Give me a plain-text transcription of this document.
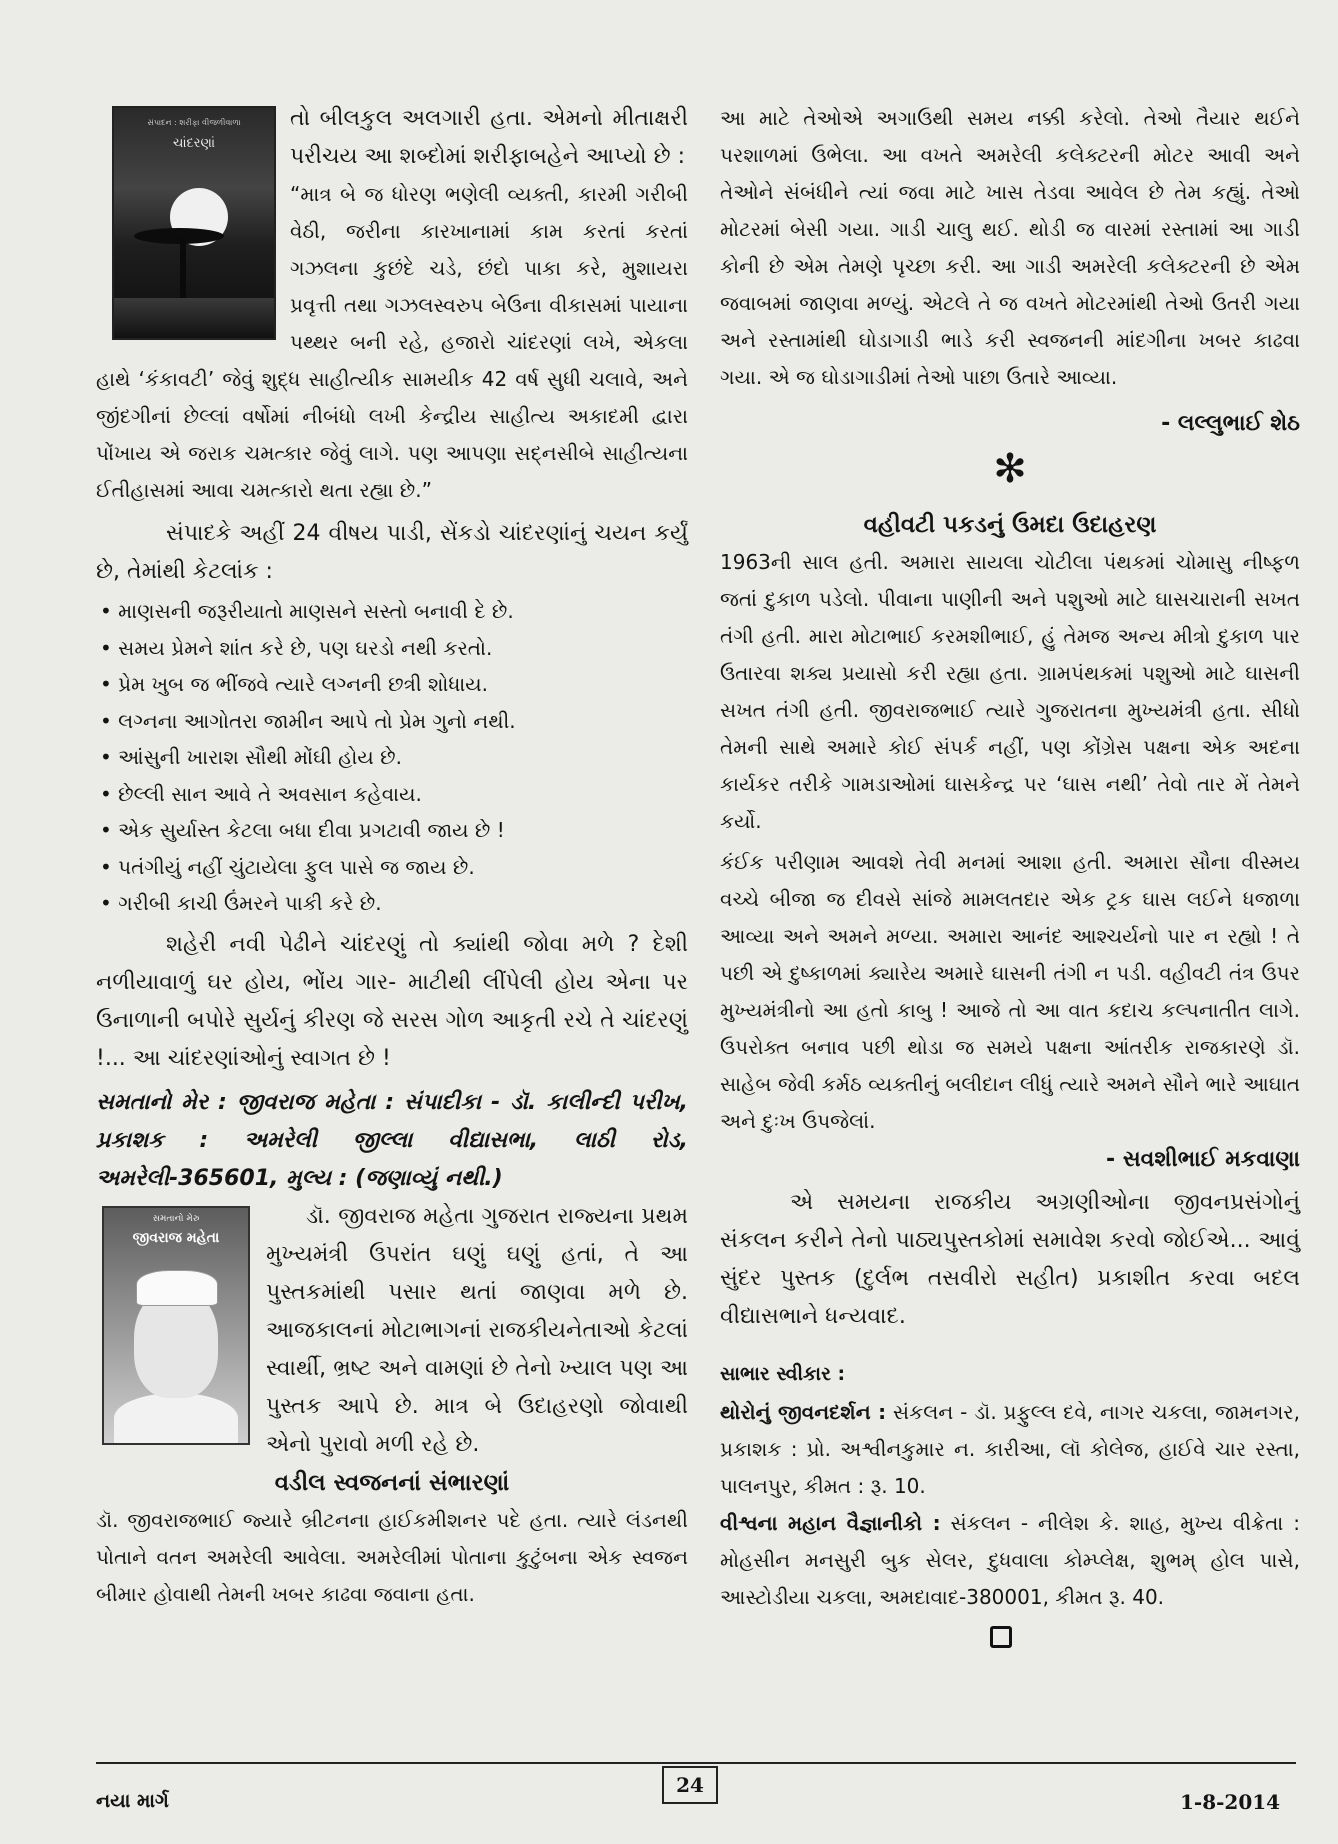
સંપાદન : શરીફા વીજળીવાળા
ચાંદરણાં

તો બીલકુલ અલગારી હતા. એમનો મીતાક્ષરી પરીચય આ શબ્દોમાં શરીફાબહેને આપ્યો છે :

“માત્ર બે જ ધોરણ ભણેલી વ્યક્તી, કારમી ગરીબી વેઠી, જરીના કારખાનામાં કામ કરતાં કરતાં ગઝલના કુછંદે ચડે, છંદો પાકા કરે, મુશાયરા પ્રવૃત્તી તથા ગઝલસ્વરુપ બેઉના વીકાસમાં પાયાના પથ્થર બની રહે, હજારો ચાંદરણાં લખે, એકલા હાથે ‘કંકાવટી’ જેવું શુદ્ધ સાહીત્યીક સામયીક 42 વર્ષ સુધી ચલાવે, અને જીંદગીનાં છેલ્લાં વર્ષોમાં નીબંધો લખી કેન્દ્રીય સાહીત્ય અકાદમી દ્વારા પોંખાય એ જરાક ચમત્કાર જેવું લાગે. પણ આપણા સદ્‌નસીબે સાહીત્યના ઈતીહાસમાં આવા ચમત્કારો થતા રહ્યા છે.”

સંપાદકે અહીં 24 વીષય પાડી, સેંકડો ચાંદરણાંનું ચયન કર્યું છે, તેમાંથી કેટલાંક :

• માણસની જરૂરીયાતો માણસને સસ્તો બનાવી દે છે.
• સમય પ્રેમને શાંત કરે છે, પણ ઘરડો નથી કરતો.
• પ્રેમ ખુબ જ ભીંજવે ત્યારે લગ્નની છત્રી શોધાય.
• લગ્નના આગોતરા જામીન આપે તો પ્રેમ ગુનો નથી.
• આંસુની ખારાશ સૌથી મોંઘી હોય છે.
• છેલ્લી સાન આવે તે અવસાન કહેવાય.
• એક સુર્યાસ્ત કેટલા બધા દીવા પ્રગટાવી જાય છે !
• પતંગીયું નહીં ચુંટાયેલા ફુલ પાસે જ જાય છે.
• ગરીબી કાચી ઉંમરને પાકી કરે છે.

શહેરી નવી પેઢીને ચાંદરણું તો ક્યાંથી જોવા મળે ? દેશી નળીયાવાળું ઘર હોય, ભોંય ગાર- માટીથી લીંપેલી હોય એના પર ઉનાળાની બપોરે સુર્યનું કીરણ જે સરસ ગોળ આકૃતી રચે તે ચાંદરણું !... આ ચાંદરણાંઓનું સ્વાગત છે !

સમતાનો મેર : જીવરાજ મહેતા : સંપાદીકા - ડૉ. કાલીન્દી પરીખ, પ્રકાશક : અમરેલી જીલ્લા વીદ્યાસભા, લાઠી રોડ, અમરેલી-365601, મુલ્ય : (જણાવ્યું નથી.)

સમતાનો મેરુ
જીવરાજ મહેતા

ડૉ. જીવરાજ મહેતા ગુજરાત રાજ્યના પ્રથમ મુખ્યમંત્રી ઉપરાંત ઘણું ઘણું હતાં, તે આ પુસ્તકમાંથી પસાર થતાં જાણવા મળે છે. આજકાલનાં મોટાભાગનાં રાજકીયનેતાઓ કેટલાં સ્વાર્થી, ભ્રષ્ટ અને વામણાં છે તેનો ખ્યાલ પણ આ પુસ્તક આપે છે. માત્ર બે ઉદાહરણો જોવાથી એનો પુરાવો મળી રહે છે.

વડીલ સ્વજનનાં સંભારણાં

ડૉ. જીવરાજભાઈ જ્યારે બ્રીટનના હાઈકમીશનર પદે હતા. ત્યારે લંડનથી પોતાને વતન અમરેલી આવેલા. અમરેલીમાં પોતાના કુટુંબના એક સ્વજન બીમાર હોવાથી તેમની ખબર કાઢવા જવાના હતા.

આ માટે તેઓએ અગાઉથી સમય નક્કી કરેલો. તેઓ તૈયાર થઈને પરશાળમાં ઉભેલા. આ વખતે અમરેલી કલેક્ટરની મોટર આવી અને તેઓને સંબંધીને ત્યાં જવા માટે ખાસ તેડવા આવેલ છે તેમ કહ્યું. તેઓ મોટરમાં બેસી ગયા. ગાડી ચાલુ થઈ. થોડી જ વારમાં રસ્તામાં આ ગાડી કોની છે એમ તેમણે પૃચ્છા કરી. આ ગાડી અમરેલી કલેક્ટરની છે એમ જવાબમાં જાણવા મળ્યું. એટલે તે જ વખતે મોટરમાંથી તેઓ ઉતરી ગયા અને રસ્તામાંથી ઘોડાગાડી ભાડે કરી સ્વજનની માંદગીના ખબર કાઢવા ગયા. એ જ ઘોડાગાડીમાં તેઓ પાછા ઉતારે આવ્યા.

- લલ્લુભાઈ શેઠ

✻

વહીવટી પકડનું ઉમદા ઉદાહરણ

1963ની સાલ હતી. અમારા સાયલા ચોટીલા પંથકમાં ચોમાસુ નીષ્ફળ જતાં દુકાળ પડેલો. પીવાના પાણીની અને પશુઓ માટે ઘાસચારાની સખત તંગી હતી. મારા મોટાભાઈ કરમશીભાઈ, હું તેમજ અન્ય મીત્રો દુકાળ પાર ઉતારવા શક્ય પ્રયાસો કરી રહ્યા હતા. ગ્રામપંથકમાં પશુઓ માટે ઘાસની સખત તંગી હતી. જીવરાજભાઈ ત્યારે ગુજરાતના મુખ્યમંત્રી હતા. સીધો તેમની સાથે અમારે કોઈ સંપર્ક નહીં, પણ કોંગ્રેસ પક્ષના એક અદના કાર્યકર તરીકે ગામડાઓમાં ઘાસકેન્દ્ર પર ‘ઘાસ નથી’ તેવો તાર મેં તેમને કર્યો.

કંઈક પરીણામ આવશે તેવી મનમાં આશા હતી. અમારા સૌના વીસ્મય વચ્ચે બીજા જ દીવસે સાંજે મામલતદાર એક ટ્રક ઘાસ લઈને ધજાળા આવ્યા અને અમને મળ્યા. અમારા આનંદ આશ્ચર્યનો પાર ન રહ્યો ! તે પછી એ દુષ્કાળમાં ક્યારેય અમારે ઘાસની તંગી ન પડી. વહીવટી તંત્ર ઉપર મુખ્યમંત્રીનો આ હતો કાબુ ! આજે તો આ વાત કદાચ કલ્પનાતીત લાગે. ઉપરોક્ત બનાવ પછી થોડા જ સમયે પક્ષના આંતરીક રાજકારણે ડૉ. સાહેબ જેવી કર્મઠ વ્યક્તીનું બલીદાન લીધું ત્યારે અમને સૌને ભારે આઘાત અને દુઃખ ઉપજેલાં.

- સવશીભાઈ મકવાણા

એ સમયના રાજકીય અગ્રણીઓના જીવનપ્રસંગોનું સંકલન કરીને તેનો પાઠ્યપુસ્તકોમાં સમાવેશ કરવો જોઈએ... આવું સુંદર પુસ્તક (દુર્લભ તસવીરો સહીત) પ્રકાશીત કરવા બદલ વીદ્યાસભાને ધન્યવાદ.

સાભાર સ્વીકાર :

થોરોનું જીવનદર્શન : સંકલન - ડૉ. પ્રફુલ્લ દવે, નાગર ચકલા, જામનગર, પ્રકાશક : પ્રો. અશ્વીનકુમાર ન. કારીઆ, લૉ કોલેજ, હાઈવે ચાર રસ્તા, પાલનપુર, કીમત : રૂ. 10.

વીશ્વના મહાન વૈજ્ઞાનીકો : સંકલન - નીલેશ કે. શાહ, મુખ્ય વીક્રેતા : મોહસીન મનસુરી બુક સેલર, દુધવાલા કોમ્પ્લેક્ષ, શુભમ્ હોલ પાસે, આસ્ટોડીયા ચકલા, અમદાવાદ-380001, કીમત રૂ. 40.

નયા માર્ગ
24
1-8-2014
